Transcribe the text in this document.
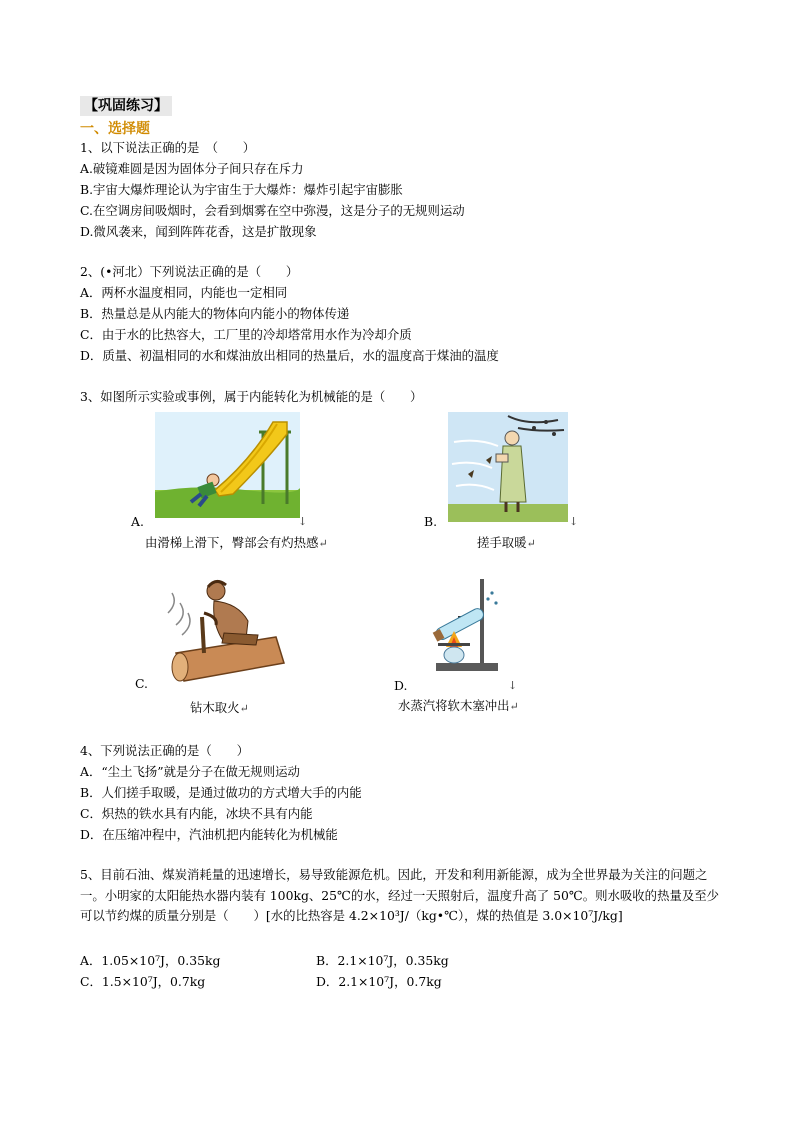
【巩固练习】
一、选择题
1、以下说法正确的是　（　　）
A.破镜难圆是因为固体分子间只存在斥力
B.宇宙大爆炸理论认为宇宙生于大爆炸：爆炸引起宇宙膨胀
C.在空调房间吸烟时，会看到烟雾在空中弥漫，这是分子的无规则运动
D.微风袭来，闻到阵阵花香，这是扩散现象
2、(•河北）下列说法正确的是（　　）
A．两杯水温度相同，内能也一定相同
B．热量总是从内能大的物体向内能小的物体传递
C．由于水的比热容大，工厂里的冷却塔常用水作为冷却介质
D．质量、初温相同的水和煤油放出相同的热量后，水的温度高于煤油的温度
3、如图所示实验或事例，属于内能转化为机械能的是（　　）
A.	↓
由滑梯上滑下，臀部会有灼热感↵
B.	↓
搓手取暖↵
C.
钻木取火↵
D.	↓
水蒸汽将软木塞冲出↵
4、下列说法正确的是（　　）
A．“尘土飞扬”就是分子在做无规则运动
B．人们搓手取暖，是通过做功的方式增大手的内能
C．炽热的铁水具有内能，冰块不具有内能
D．在压缩冲程中，汽油机把内能转化为机械能
5、目前石油、煤炭消耗量的迅速增长，易导致能源危机。因此，开发和利用新能源，成为全世界最为关注的问题之一。小明家的太阳能热水器内装有 100kg、25℃的水，经过一天照射后，温度升高了 50℃。则水吸收的热量及至少可以节约煤的质量分别是（　　）[水的比热容是 4.2×10³J/（kg•℃），煤的热值是 3.0×10⁷J/kg]
A．1.05×10⁷J，0.35kg	B．2.1×10⁷J，0.35kg
C．1.5×10⁷J，0.7kg	D．2.1×10⁷J，0.7kg
